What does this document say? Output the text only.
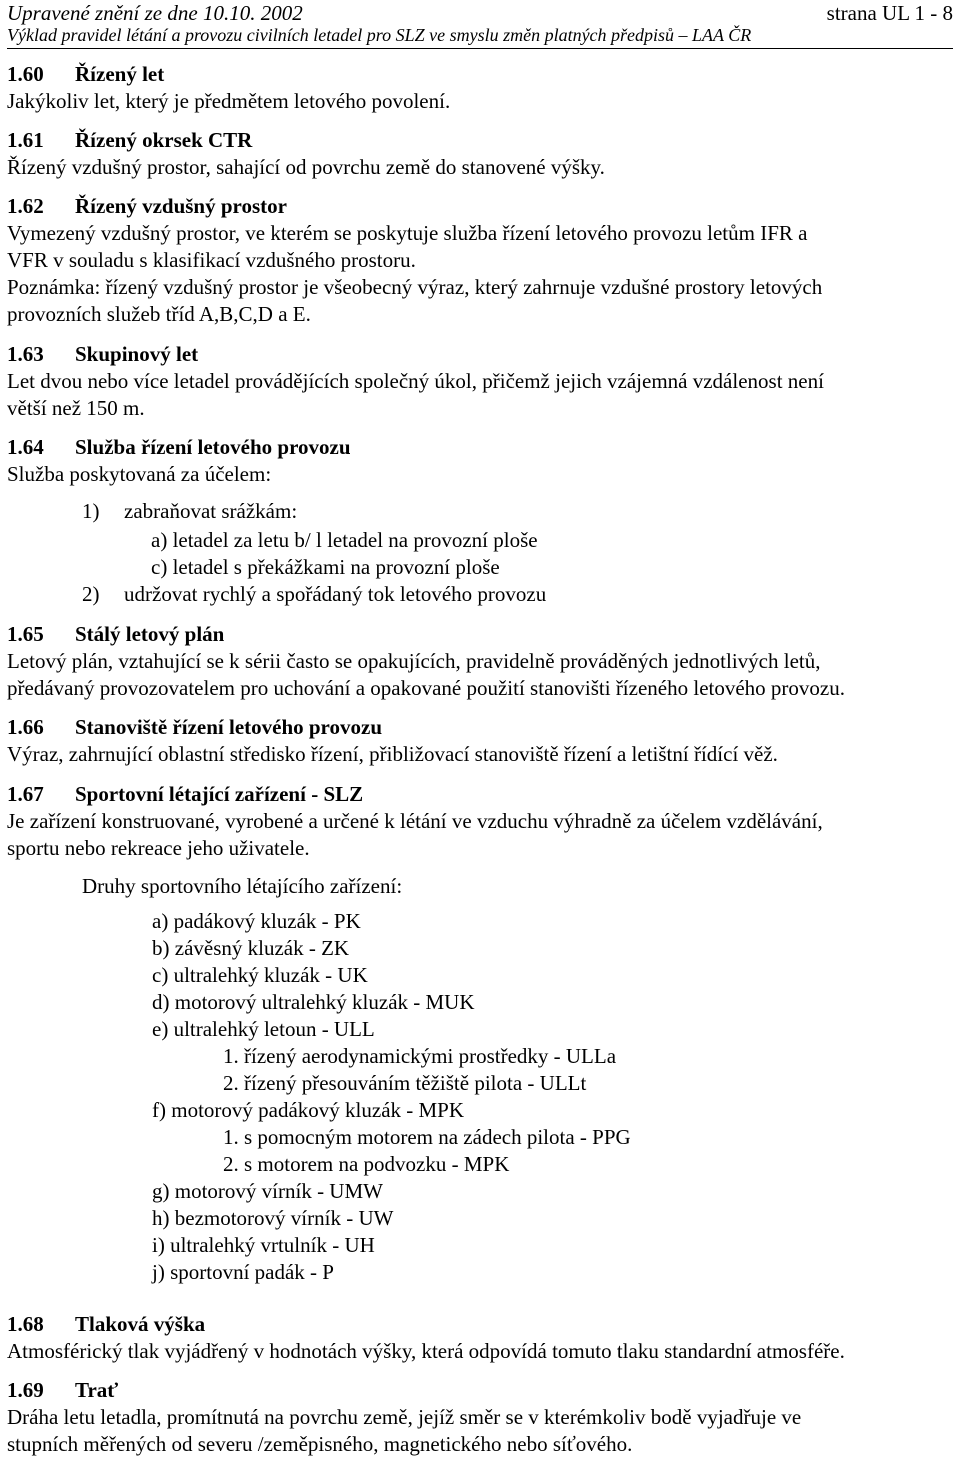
Upravené znění ze dne 10.10. 2002	strana UL 1 - 8
Výklad pravidel létání a provozu civilních letadel pro SLZ ve smyslu změn platných předpisů – LAA ČR
1.60 Řízený let
Jakýkoliv let, který je předmětem letového povolení.
1.61 Řízený okrsek CTR
Řízený vzdušný prostor, sahající od povrchu země do stanovené výšky.
1.62 Řízený vzdušný prostor
Vymezený vzdušný prostor, ve kterém se poskytuje služba řízení letového provozu letům IFR a
VFR v souladu s klasifikací vzdušného prostoru.
Poznámka: řízený vzdušný prostor je všeobecný výraz, který zahrnuje vzdušné prostory letových
provozních služeb tříd A,B,C,D a E.
1.63 Skupinový let
Let dvou nebo více letadel provádějících společný úkol, přičemž jejich vzájemná vzdálenost není
větší než 150 m.
1.64 Služba řízení letového provozu
Služba poskytovaná za účelem:
1) zabraňovat srážkám:
a) letadel za letu b/ l letadel na provozní ploše
c) letadel s překážkami na provozní ploše
2) udržovat rychlý a spořádaný tok letového provozu
1.65 Stálý letový plán
Letový plán, vztahující se k sérii často se opakujících, pravidelně prováděných jednotlivých letů,
předávaný provozovatelem pro uchování a opakované použití stanovišti řízeného letového provozu.
1.66 Stanoviště řízení letového provozu
Výraz, zahrnující oblastní středisko řízení, přibližovací stanoviště řízení a letištní řídící věž.
1.67 Sportovní létající zařízení - SLZ
Je zařízení konstruované, vyrobené a určené k létání ve vzduchu výhradně za účelem vzdělávání,
sportu nebo rekreace jeho uživatele.
Druhy sportovního létajícího zařízení:
a) padákový kluzák - PK
b) závěsný kluzák - ZK
c) ultralehký kluzák - UK
d) motorový ultralehký kluzák - MUK
e) ultralehký letoun - ULL
1. řízený aerodynamickými prostředky - ULLa
2. řízený přesouváním těžiště pilota - ULLt
f) motorový padákový kluzák - MPK
1. s pomocným motorem na zádech pilota - PPG
2. s motorem na podvozku - MPK
g) motorový vírník - UMW
h) bezmotorový vírník - UW
i) ultralehký vrtulník - UH
j) sportovní padák - P
1.68 Tlaková výška
Atmosférický tlak vyjádřený v hodnotách výšky, která odpovídá tomuto tlaku standardní atmosféře.
1.69 Trať
Dráha letu letadla, promítnutá na povrchu země, jejíž směr se v kterémkoliv bodě vyjadřuje ve
stupních měřených od severu /zeměpisného, magnetického nebo síťového.
